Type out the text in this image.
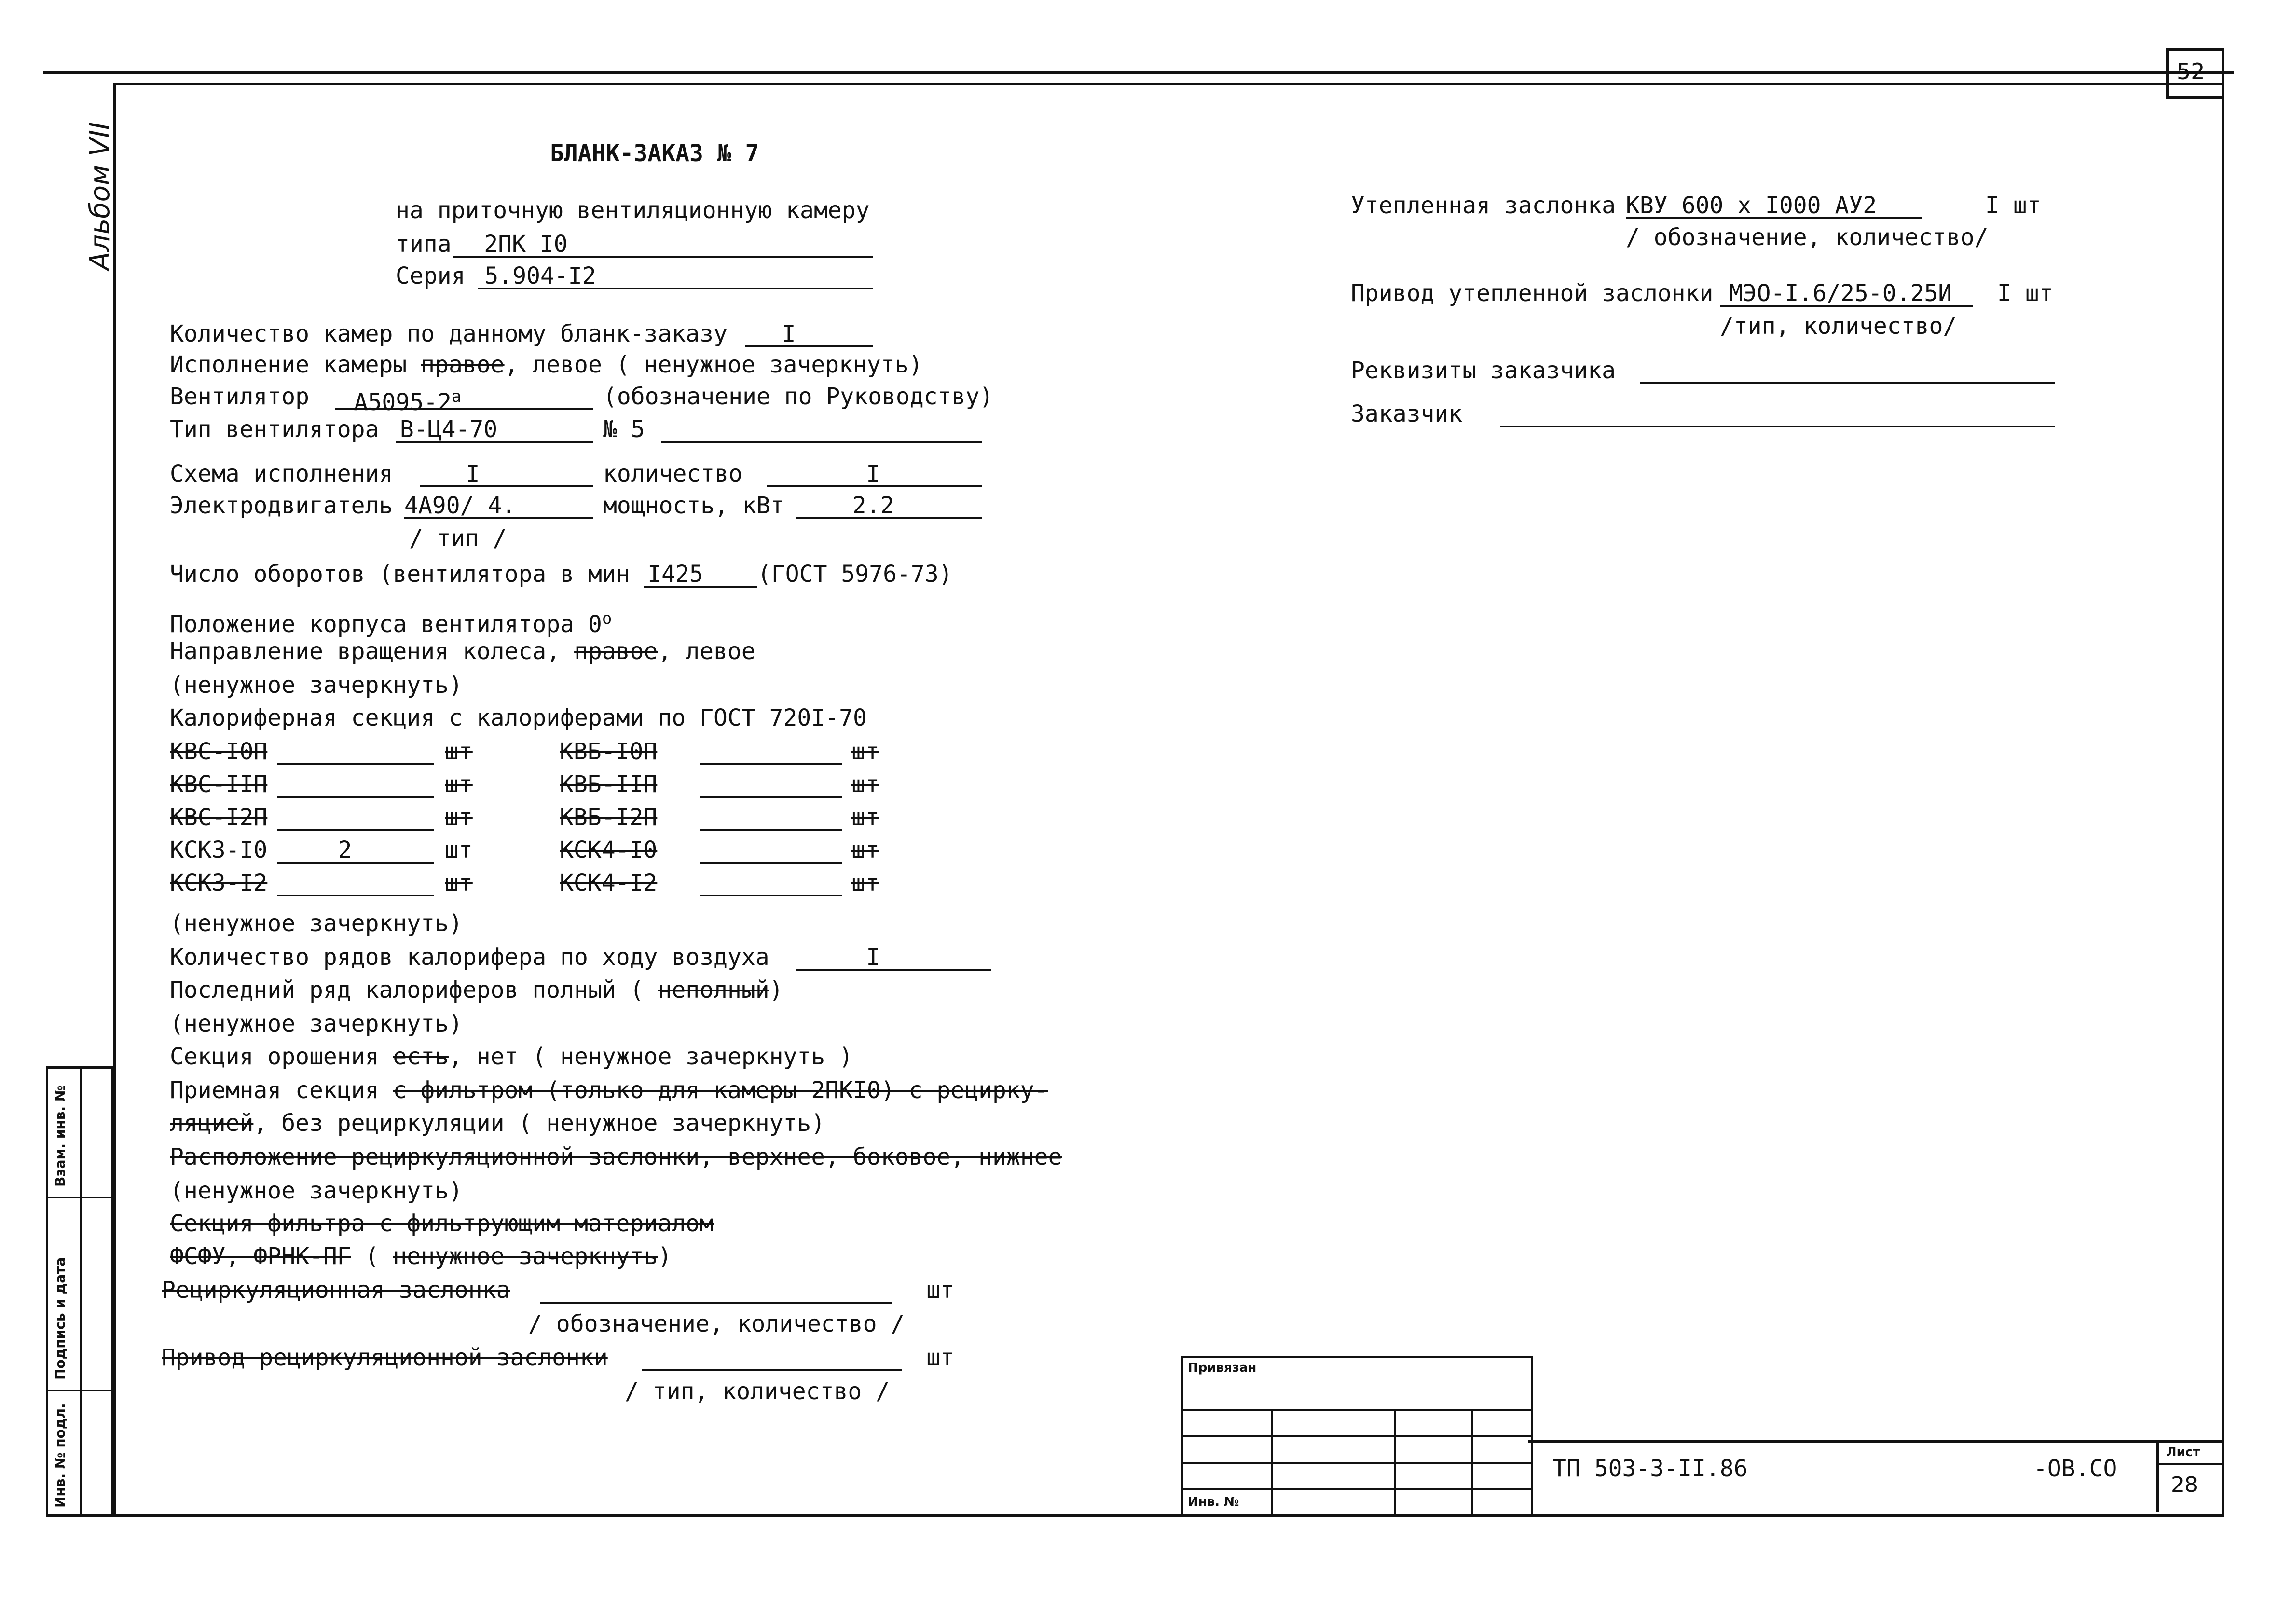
52
Альбом VII
Инв. № подл.
Подпись и дата
Взам. инв. №
БЛАНК-ЗАКАЗ № 7
на приточную вентиляционную камеру
типа	2ПК I0
Серия 5.904-I2
Количество камер по данному бланк-заказу	I
Исполнение камеры правое, левое ( ненужное зачеркнуть)
Вентилятор	$А5095-2^а$	(обозначение по Руководству)
Тип вентилятора В-Ц4-70	№ 5
Схема исполнения	I	количество	I
Электродвигатель 4А90/ 4.	мощность, кВт	2.2
/ тип /
Число оборотов (вентилятора в мин I425	(ГОСТ 5976-73)
Положение корпуса вентилятора $0^о$
Направление вращения колеса, правое, левое
(ненужное зачеркнуть)
Калориферная секция с калориферами по ГОСТ 720I-70
КВС-I0П	шт	КВБ-I0П	шт
КВС-IIП	шт	КВБ-IIП	шт
КВС-I2П	шт	КВБ-I2П	шт
КСК3-I0	2	шт	КСК4-I0	шт
КСК3-I2	шт	КСК4-I2	шт
(ненужное зачеркнуть)
Количество рядов калорифера по ходу воздуха	I
Последний ряд калориферов полный ( неполный)
(ненужное зачеркнуть)
Секция орошения есть, нет ( ненужное зачеркнуть )
Приемная секция с фильтром (только для камеры 2ПКI0) с рецирку-
ляцией, без рециркуляции ( ненужное зачеркнуть)
Расположение рециркуляционной заслонки, верхнее, боковое, нижнее
(ненужное зачеркнуть)
Секция фильтра с фильтрующим материалом
ФСФУ, ФРНК-ПГ ( ненужное зачеркнуть)
Рециркуляционная заслонка	шт
/ обозначение, количество /
Привод рециркуляционной заслонки	шт
/ тип, количество /
Утепленная заслонка КВУ 600 х I000 АУ2	I шт
/ обозначение, количество/
Привод утепленной заслонки МЭО-I.6/25-0.25И	I шт
/тип, количество/
Реквизиты заказчика
Заказчик
Привязан
Инв. №
ТП 503-3-II.86	-ОВ.СО
Лист
28
